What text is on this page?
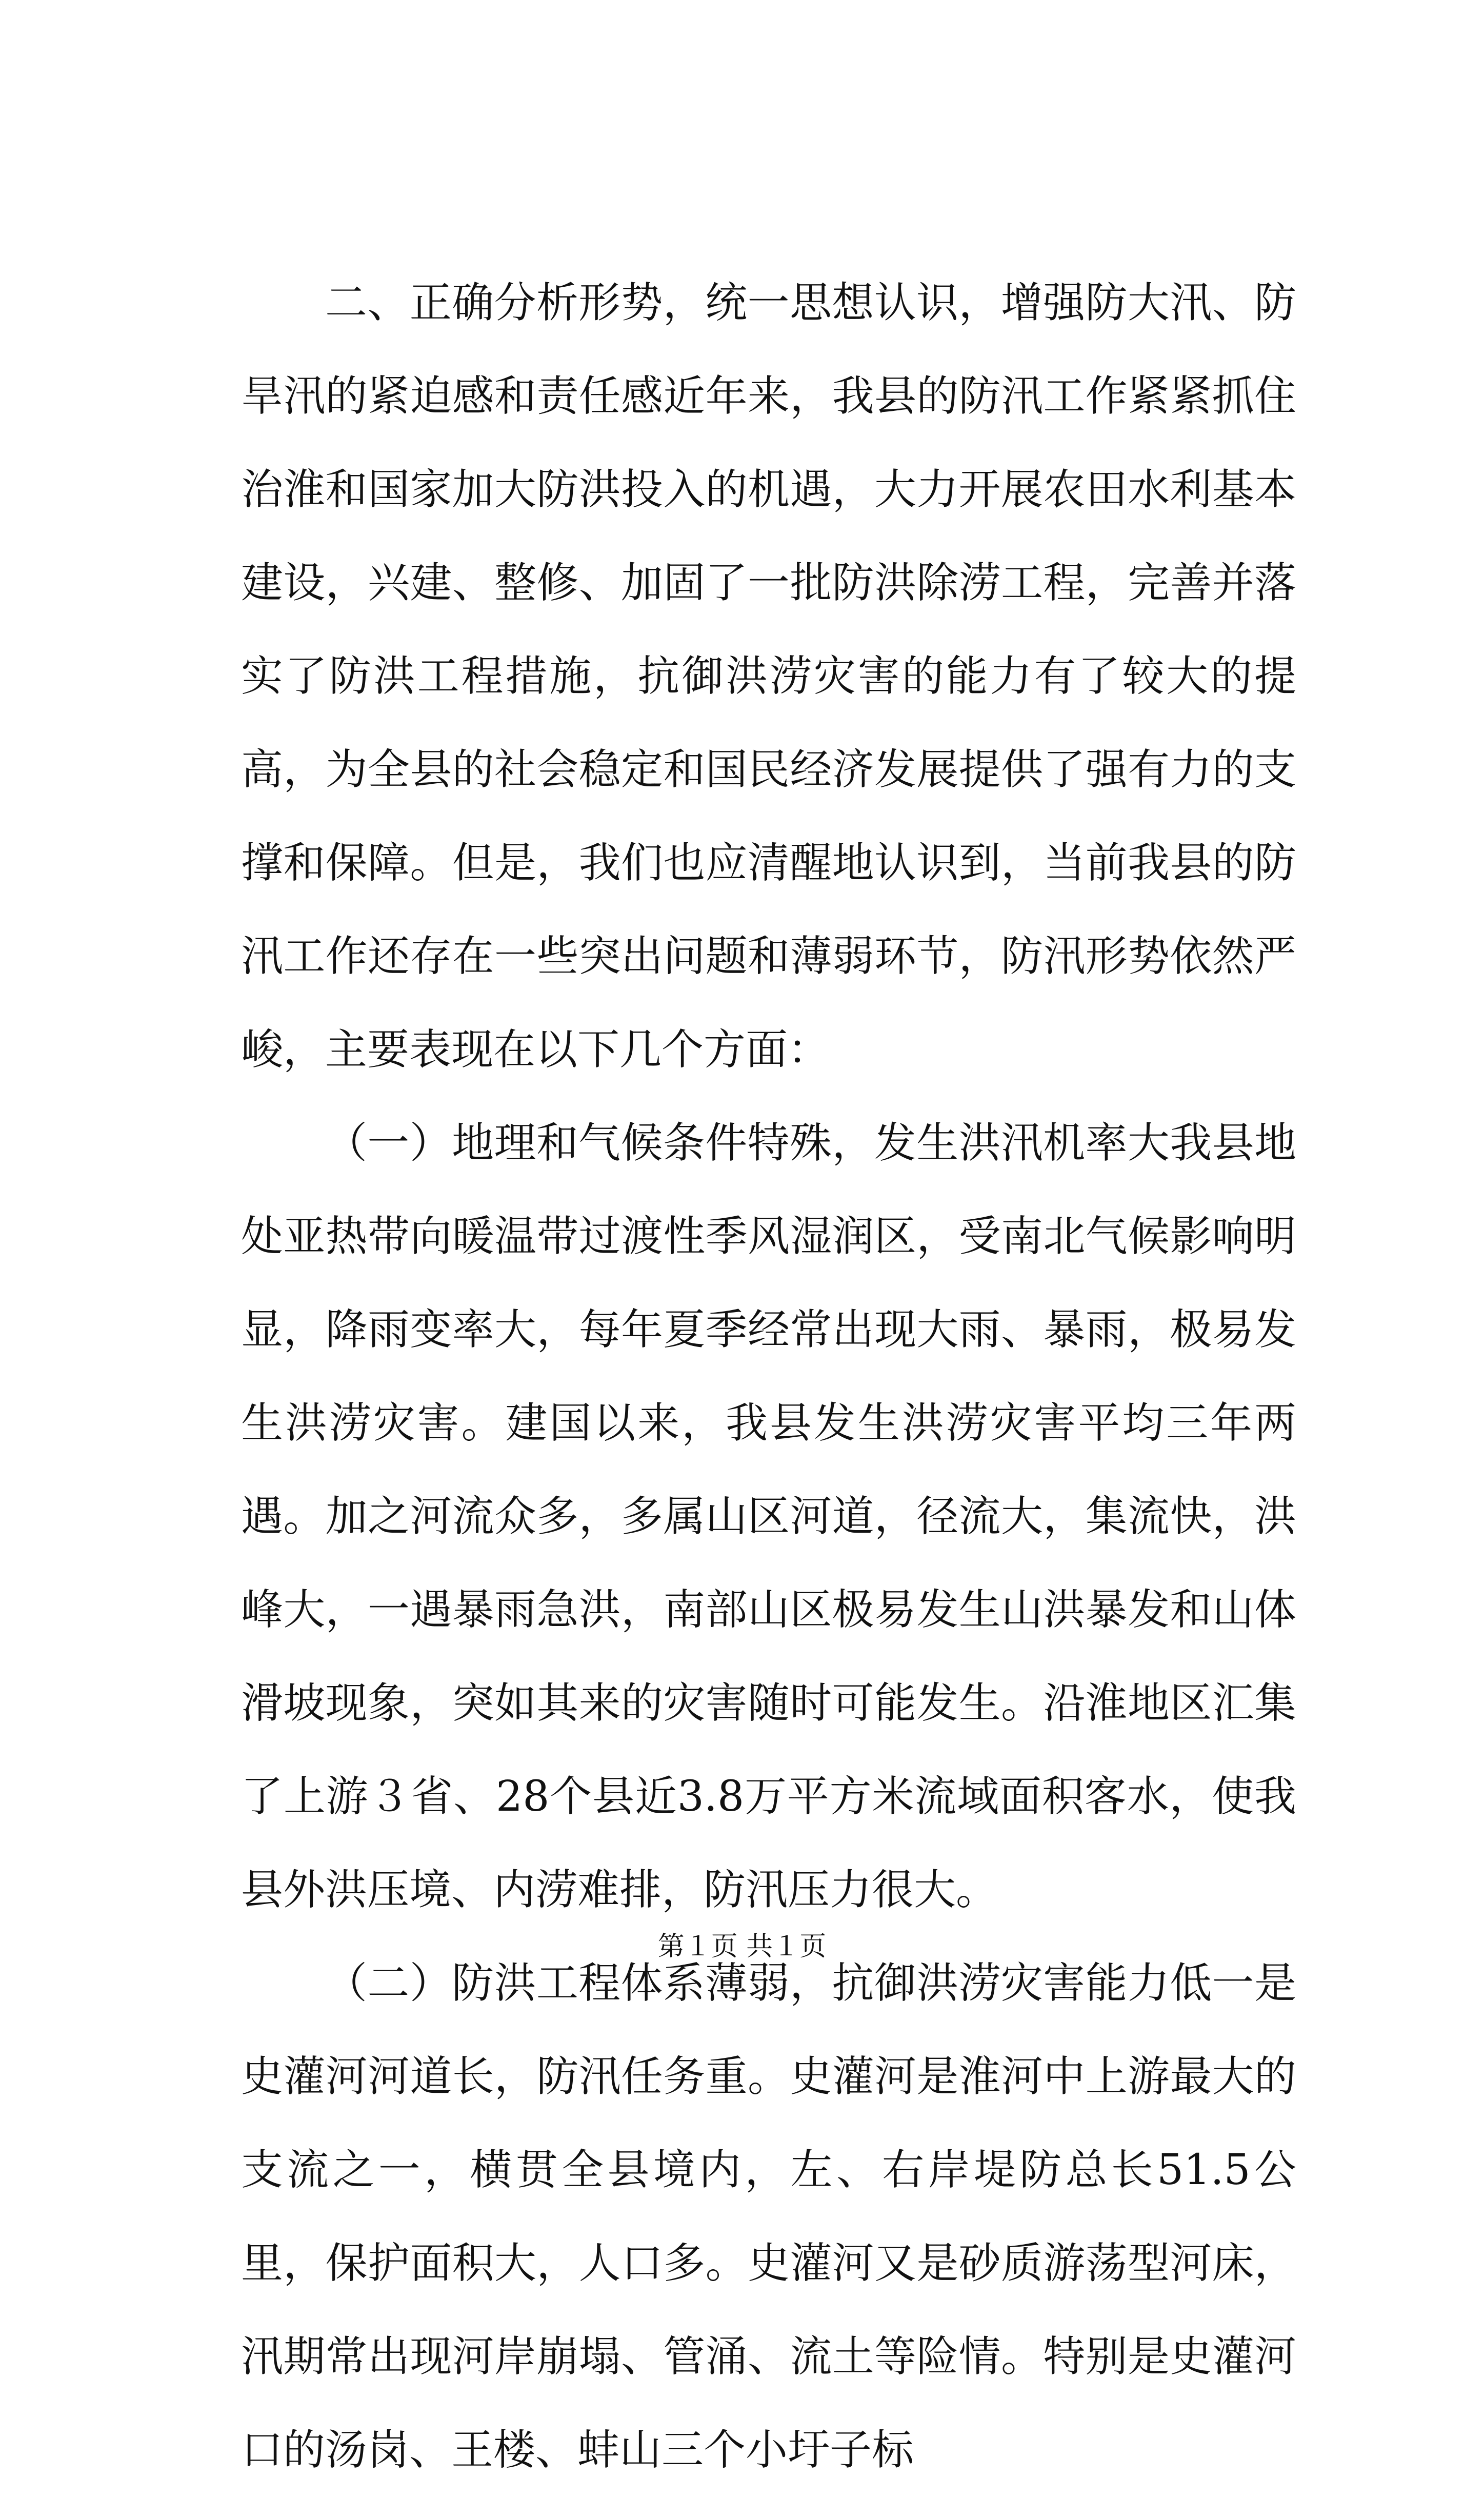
二、正确分析形势，统一思想认识，增强防大汛、防旱汛的紧迫感和责任感近年来，我县的防汛工作紧紧抓住治淮和国家加大防洪投入的机遇，大力开展农田水利基本建设，兴建、整修、加固了一批防洪除涝工程，完善并落实了防洪工程措施，抗御洪涝灾害的能力有了较大的提高，为全县的社会稳定和国民经济发展提供了强有力的支撑和保障。但是，我们也应清醒地认识到，当前我县的防汛工作还存在一些突出问题和薄弱环节，防汛形势依然严峻，主要表现在以下几个方面：

（一）地理和气候条件特殊，发生洪汛机率大我县地处亚热带向暖温带过渡性季风湿润区，受南北气候影响明显，降雨变率大，每年夏季经常出现大雨、暴雨，极易发生洪涝灾害。建国以来，我县发生洪涝灾害平均三年两遇。加之河流众多，多属山区河道，径流大，集流快，洪峰大，一遇暴雨急洪，南部山区极易发生山洪暴发和山体滑坡现象，突如其来的灾害随时可能发生。沿淮地区汇集了上游３省、28个县近3.8万平方米流域面积客水，使我县外洪压境、内涝难排，防汛压力很大。

（二）防洪工程体系薄弱，抗御洪涝灾害能力低一是史灌河河道长，防汛任务重。史灌河是淮河中上游最大的支流之一，横贯全县境内，左、右岸堤防总长51.5公里，保护面积大，人口多。史灌河又是砂质游荡型河床，汛期常出现河岸崩塌、管涌、流土等险情。特别是史灌河口的汤岗、王楼、蚌山三个小圩子标

第１页 共１页
